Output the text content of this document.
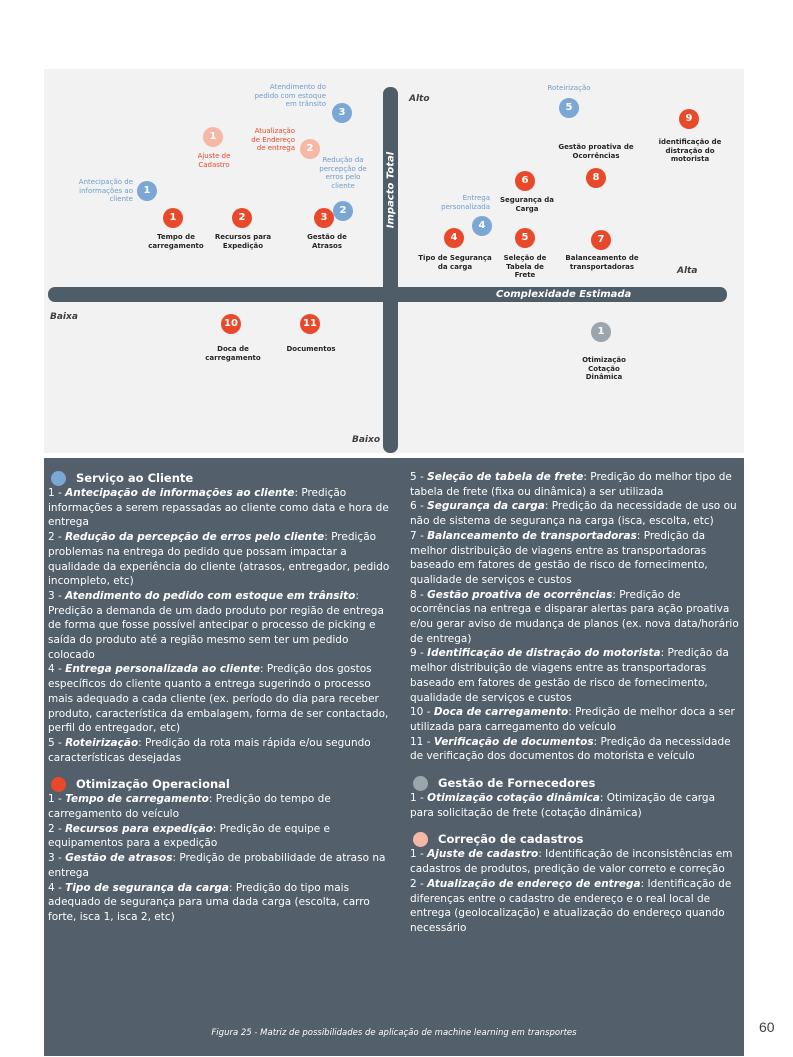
Impacto Total
Complexidade Estimada
Alto
Alta
Baixa
Baixo
1
2
3
4
5
1	2	3
4	5
6
7
8
9
10	11
1
2
1
Antecipação de
informações ao
cliente
Redução da
percepção de
erros pelo
cliente
Atendimento do
pedido com estoque
em trânsito
Entrega
personalizada
Roteirização
Tempo de
carregamento
Recursos para
Expedição
Gestão de
Atrasos
Tipo de Segurança
da carga
Seleção de
Tabela de
Frete
Segurança da
Carga
Balanceamento de
transportadoras
Gestão proativa de
Ocorrências
identificação de
distração do
motorista
Doca de
carregamento
Documentos
Ajuste de
Cadastro
Atualização
de Endereço
de entrega
Otimização
Cotação
Dinâmica
Serviço ao Cliente

1 - Antecipação de informações ao cliente: Predição informações a serem repassadas ao cliente como data e hora de entrega

2 - Redução da percepção de erros pelo cliente: Predição problemas na entrega do pedido que possam impactar a qualidade da experiência do cliente (atrasos, entregador, pedido incompleto, etc)

3 - Atendimento do pedido com estoque em trânsito: Predição a demanda de um dado produto por região de entrega de forma que fosse possível antecipar o processo de picking e saída do produto até a região mesmo sem ter um pedido colocado

4 - Entrega personalizada ao cliente: Predição dos gostos específicos do cliente quanto a entrega sugerindo o processo mais adequado a cada cliente (ex. período do dia para receber produto, característica da embalagem, forma de ser contactado, perfil do entregador, etc)

5 - Roteirização: Predição da rota mais rápida e/ou segundo características desejadas

Otimização Operacional

1 - Tempo de carregamento: Predição do tempo de carregamento do veículo

2 - Recursos para expedição: Predição de equipe e equipamentos para a expedição

3 - Gestão de atrasos: Predição de probabilidade de atraso na entrega

4 - Tipo de segurança da carga: Predição do tipo mais adequado de segurança para uma dada carga (escolta, carro forte, isca 1, isca 2, etc)

5 - Seleção de tabela de frete: Predição do melhor tipo de tabela de frete (fixa ou dinâmica) a ser utilizada

6 - Segurança da carga: Predição da necessidade de uso ou não de sistema de segurança na carga (isca, escolta, etc)

7 - Balanceamento de transportadoras: Predição da melhor distribuição de viagens entre as transportadoras baseado em fatores de gestão de risco de fornecimento, qualidade de serviços e custos

8 - Gestão proativa de ocorrências: Predição de ocorrências na entrega e disparar alertas para ação proativa e/ou gerar aviso de mudança de planos (ex. nova data/horário de entrega)

9 - Identificação de distração do motorista: Predição da melhor distribuição de viagens entre as transportadoras baseado em fatores de gestão de risco de fornecimento, qualidade de serviços e custos

10 - Doca de carregamento: Predição de melhor doca a ser utilizada para carregamento do veículo

11 - Verificação de documentos: Predição da necessidade de verificação dos documentos do motorista e veículo

Gestão de Fornecedores

1 - Otimização cotação dinâmica: Otimização de carga para solicitação de frete (cotação dinâmica)

Correção de cadastros

1 - Ajuste de cadastro: Identificação de inconsistências em cadastros de produtos, predição de valor correto e correção

2 - Atualização de endereço de entrega: Identificação de diferenças entre o cadastro de endereço e o real local de entrega (geolocalização) e atualização do endereço quando necessário

Figura 25 - Matriz de possibilidades de aplicação de machine learning em transportes	60
